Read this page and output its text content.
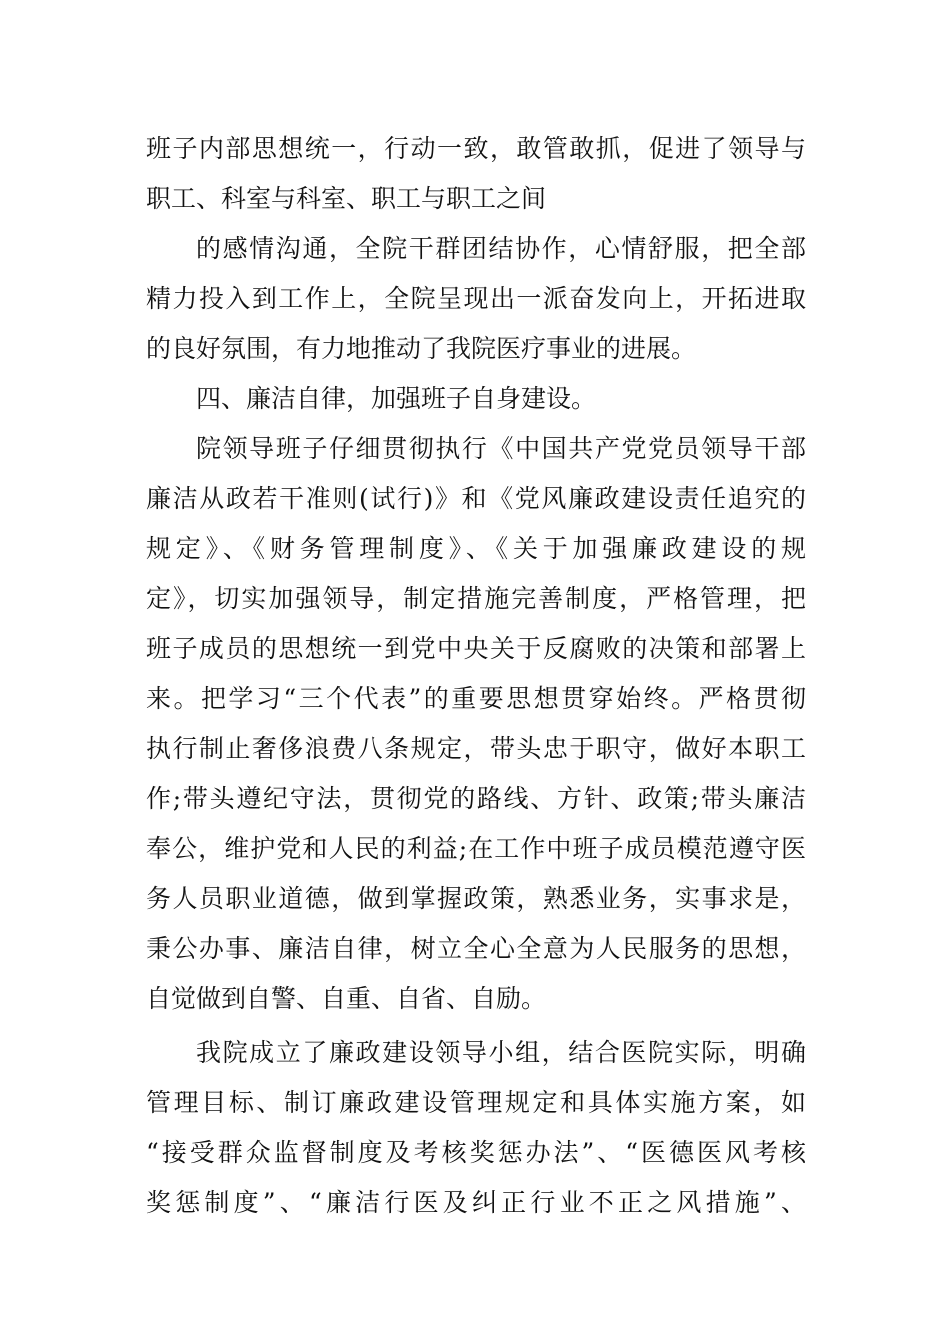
班子内部思想统一，行动一致，敢管敢抓，促进了领导与
职工、科室与科室、职工与职工之间
的感情沟通，全院干群团结协作，心情舒服，把全部
精力投入到工作上，全院呈现出一派奋发向上，开拓进取
的良好氛围，有力地推动了我院医疗事业的进展。
四、廉洁自律，加强班子自身建设。
院领导班子仔细贯彻执行《中国共产党党员领导干部
廉洁从政若干准则(试行)》和《党风廉政建设责任追究的
规定》、《财务管理制度》、《关于加强廉政建设的规
定》，切实加强领导，制定措施完善制度，严格管理，把
班子成员的思想统一到党中央关于反腐败的决策和部署上
来。把学习“三个代表”的重要思想贯穿始终。严格贯彻
执行制止奢侈浪费八条规定，带头忠于职守，做好本职工
作;带头遵纪守法，贯彻党的路线、方针、政策;带头廉洁
奉公，维护党和人民的利益;在工作中班子成员模范遵守医
务人员职业道德，做到掌握政策，熟悉业务，实事求是，
秉公办事、廉洁自律，树立全心全意为人民服务的思想，
自觉做到自警、自重、自省、自励。
我院成立了廉政建设领导小组，结合医院实际，明确
管理目标、制订廉政建设管理规定和具体实施方案，如
“接受群众监督制度及考核奖惩办法”、“医德医风考核
奖惩制度”、“廉洁行医及纠正行业不正之风措施”、
